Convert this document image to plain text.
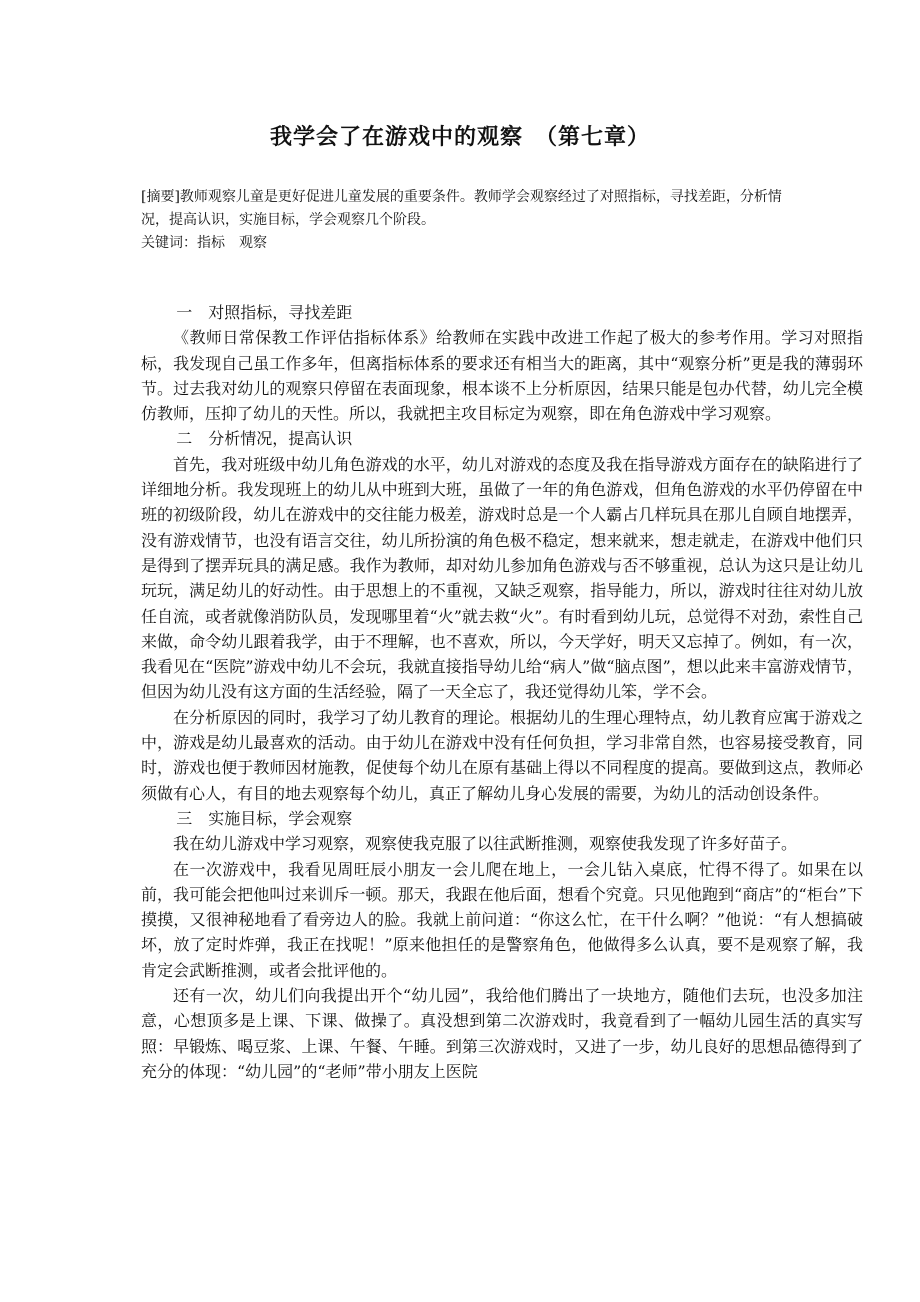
我学会了在游戏中的观察　（第七章）

[摘要]教师观察儿童是更好促进儿童发展的重要条件。教师学会观察经过了对照指标，寻找差距，分析情况，提高认识，实施目标，学会观察几个阶段。

关键词：指标　观察

一　对照指标，寻找差距

《教师日常保教工作评估指标体系》给教师在实践中改进工作起了极大的参考作用。学习对照指标，我发现自己虽工作多年，但离指标体系的要求还有相当大的距离，其中“观察分析”更是我的薄弱环节。过去我对幼儿的观察只停留在表面现象，根本谈不上分析原因，结果只能是包办代替，幼儿完全模仿教师，压抑了幼儿的天性。所以，我就把主攻目标定为观察，即在角色游戏中学习观察。

二　分析情况，提高认识

首先，我对班级中幼儿角色游戏的水平，幼儿对游戏的态度及我在指导游戏方面存在的缺陷进行了详细地分析。我发现班上的幼儿从中班到大班，虽做了一年的角色游戏，但角色游戏的水平仍停留在中班的初级阶段，幼儿在游戏中的交往能力极差，游戏时总是一个人霸占几样玩具在那儿自顾自地摆弄，没有游戏情节，也没有语言交往，幼儿所扮演的角色极不稳定，想来就来，想走就走，在游戏中他们只是得到了摆弄玩具的满足感。我作为教师，却对幼儿参加角色游戏与否不够重视，总认为这只是让幼儿玩玩，满足幼儿的好动性。由于思想上的不重视，又缺乏观察，指导能力，所以，游戏时往往对幼儿放任自流，或者就像消防队员，发现哪里着“火”就去救“火”。有时看到幼儿玩，总觉得不对劲，索性自己来做，命令幼儿跟着我学，由于不理解，也不喜欢，所以，今天学好，明天又忘掉了。例如，有一次，我看见在“医院”游戏中幼儿不会玩，我就直接指导幼儿给“病人”做“脑点图”，想以此来丰富游戏情节，但因为幼儿没有这方面的生活经验，隔了一天全忘了，我还觉得幼儿笨，学不会。

在分析原因的同时，我学习了幼儿教育的理论。根据幼儿的生理心理特点，幼儿教育应寓于游戏之中，游戏是幼儿最喜欢的活动。由于幼儿在游戏中没有任何负担，学习非常自然，也容易接受教育，同时，游戏也便于教师因材施教，促使每个幼儿在原有基础上得以不同程度的提高。要做到这点，教师必须做有心人，有目的地去观察每个幼儿，真正了解幼儿身心发展的需要，为幼儿的活动创设条件。

三　实施目标，学会观察

我在幼儿游戏中学习观察，观察使我克服了以往武断推测，观察使我发现了许多好苗子。

在一次游戏中，我看见周旺辰小朋友一会儿爬在地上，一会儿钻入桌底，忙得不得了。如果在以前，我可能会把他叫过来训斥一顿。那天，我跟在他后面，想看个究竟。只见他跑到“商店”的“柜台”下摸摸，又很神秘地看了看旁边人的脸。我就上前问道：“你这么忙，在干什么啊？”他说：“有人想搞破坏，放了定时炸弹，我正在找呢！”原来他担任的是警察角色，他做得多么认真，要不是观察了解，我肯定会武断推测，或者会批评他的。

还有一次，幼儿们向我提出开个“幼儿园”，我给他们腾出了一块地方，随他们去玩，也没多加注意，心想顶多是上课、下课、做操了。真没想到第二次游戏时，我竟看到了一幅幼儿园生活的真实写照：早锻炼、喝豆浆、上课、午餐、午睡。到第三次游戏时，又进了一步，幼儿良好的思想品德得到了充分的体现：“幼儿园”的“老师”带小朋友上医院
